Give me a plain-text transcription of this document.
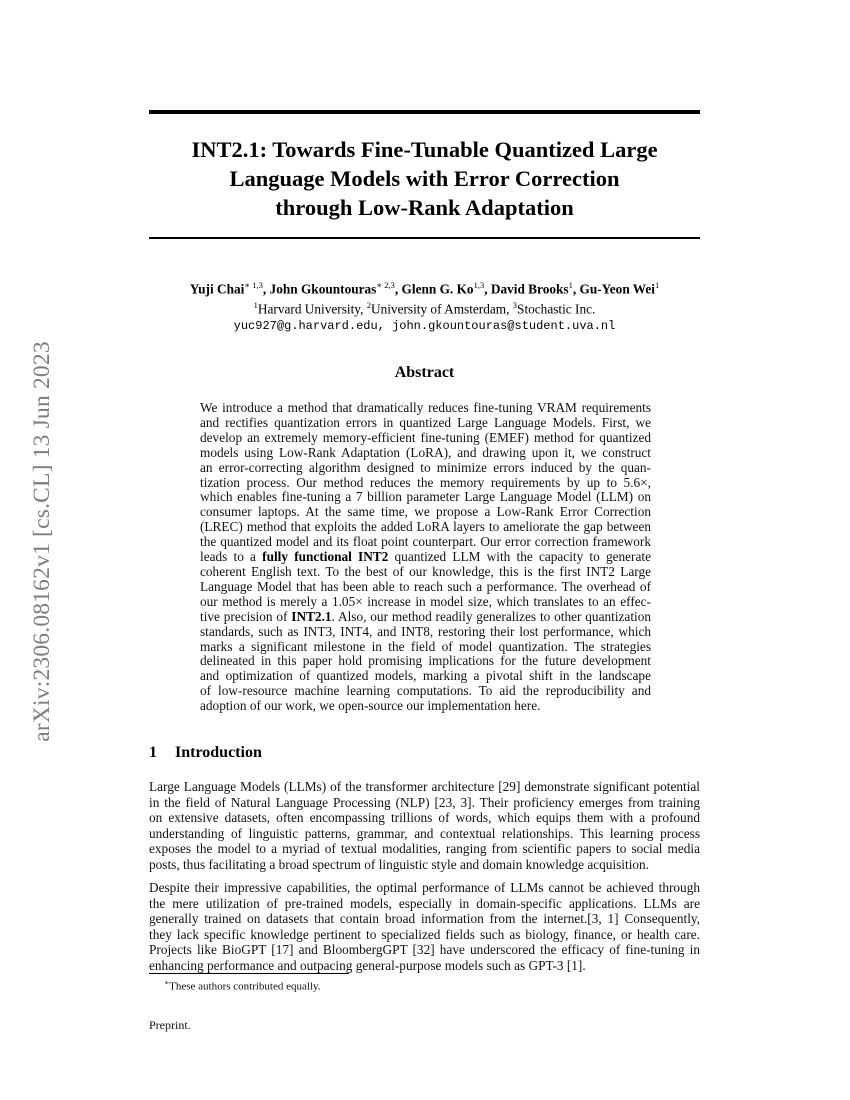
arXiv:2306.08162v1 [cs.CL] 13 Jun 2023
INT2.1: Towards Fine-Tunable Quantized Large
Language Models with Error Correction
through Low-Rank Adaptation
Yuji Chai$^{∗ 1,3}$, John Gkountouras$^{∗ 2,3}$, Glenn G. Ko$^{1,3}$, David Brooks$^1$, Gu-Yeon Wei$^1$
$^1$Harvard University, $^2$University of Amsterdam, $^3$Stochastic Inc.
yuc927@g.harvard.edu, john.gkountouras@student.uva.nl
Abstract
We introduce a method that dramatically reduces fine-tuning VRAM requirements
and rectifies quantization errors in quantized Large Language Models. First, we
develop an extremely memory-efficient fine-tuning (EMEF) method for quantized
models using Low-Rank Adaptation (LoRA), and drawing upon it, we construct
an error-correcting algorithm designed to minimize errors induced by the quan-
tization process. Our method reduces the memory requirements by up to 5.6×,
which enables fine-tuning a 7 billion parameter Large Language Model (LLM) on
consumer laptops. At the same time, we propose a Low-Rank Error Correction
(LREC) method that exploits the added LoRA layers to ameliorate the gap between
the quantized model and its float point counterpart. Our error correction framework
leads to a fully functional INT2 quantized LLM with the capacity to generate
coherent English text. To the best of our knowledge, this is the first INT2 Large
Language Model that has been able to reach such a performance. The overhead of
our method is merely a 1.05× increase in model size, which translates to an effec-
tive precision of INT2.1. Also, our method readily generalizes to other quantization
standards, such as INT3, INT4, and INT8, restoring their lost performance, which
marks a significant milestone in the field of model quantization. The strategies
delineated in this paper hold promising implications for the future development
and optimization of quantized models, marking a pivotal shift in the landscape
of low-resource machine learning computations. To aid the reproducibility and
adoption of our work, we open-source our implementation here.
1 Introduction
Large Language Models (LLMs) of the transformer architecture [29] demonstrate significant potential
in the field of Natural Language Processing (NLP) [23, 3]. Their proficiency emerges from training
on extensive datasets, often encompassing trillions of words, which equips them with a profound
understanding of linguistic patterns, grammar, and contextual relationships. This learning process
exposes the model to a myriad of textual modalities, ranging from scientific papers to social media
posts, thus facilitating a broad spectrum of linguistic style and domain knowledge acquisition.
Despite their impressive capabilities, the optimal performance of LLMs cannot be achieved through
the mere utilization of pre-trained models, especially in domain-specific applications. LLMs are
generally trained on datasets that contain broad information from the internet.[3, 1] Consequently,
they lack specific knowledge pertinent to specialized fields such as biology, finance, or health care.
Projects like BioGPT [17] and BloombergGPT [32] have underscored the efficacy of fine-tuning in
enhancing performance and outpacing general-purpose models such as GPT-3 [1].
∗These authors contributed equally.
Preprint.
